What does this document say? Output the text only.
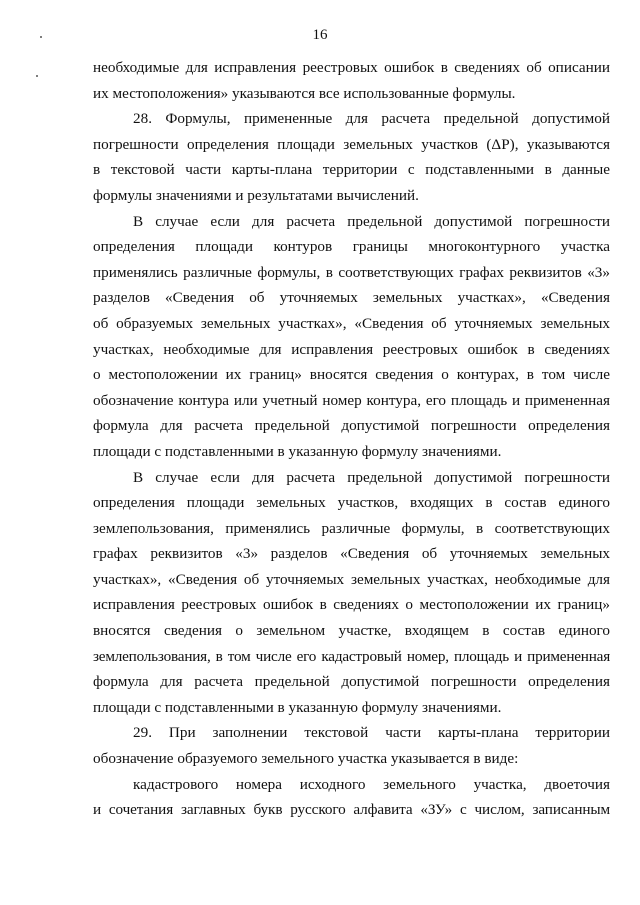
16

необходимые для исправления реестровых ошибок в сведениях об описании

их местоположения» указываются все использованные формулы.

28. Формулы, примененные для расчета предельной допустимой

погрешности определения площади земельных участков (ΔP), указываются

в текстовой части карты-плана территории с подставленными в данные

формулы значениями и результатами вычислений.

В случае если для расчета предельной допустимой погрешности

определения площади контуров границы многоконтурного участка

применялись различные формулы, в соответствующих графах реквизитов «3»

разделов «Сведения об уточняемых земельных участках», «Сведения

об образуемых земельных участках», «Сведения об уточняемых земельных

участках, необходимые для исправления реестровых ошибок в сведениях

о местоположении их границ» вносятся сведения о контурах, в том числе

обозначение контура или учетный номер контура, его площадь и примененная

формула для расчета предельной допустимой погрешности определения

площади с подставленными в указанную формулу значениями.

В случае если для расчета предельной допустимой погрешности

определения площади земельных участков, входящих в состав единого

землепользования, применялись различные формулы, в соответствующих

графах реквизитов «3» разделов «Сведения об уточняемых земельных

участках», «Сведения об уточняемых земельных участках, необходимые для

исправления реестровых ошибок в сведениях о местоположении их границ»

вносятся сведения о земельном участке, входящем в состав единого

землепользования, в том числе его кадастровый номер, площадь и примененная

формула для расчета предельной допустимой погрешности определения

площади с подставленными в указанную формулу значениями.

29. При заполнении текстовой части карты-плана территории

обозначение образуемого земельного участка указывается в виде:

кадастрового номера исходного земельного участка, двоеточия

и сочетания заглавных букв русского алфавита «ЗУ» с числом, записанным
